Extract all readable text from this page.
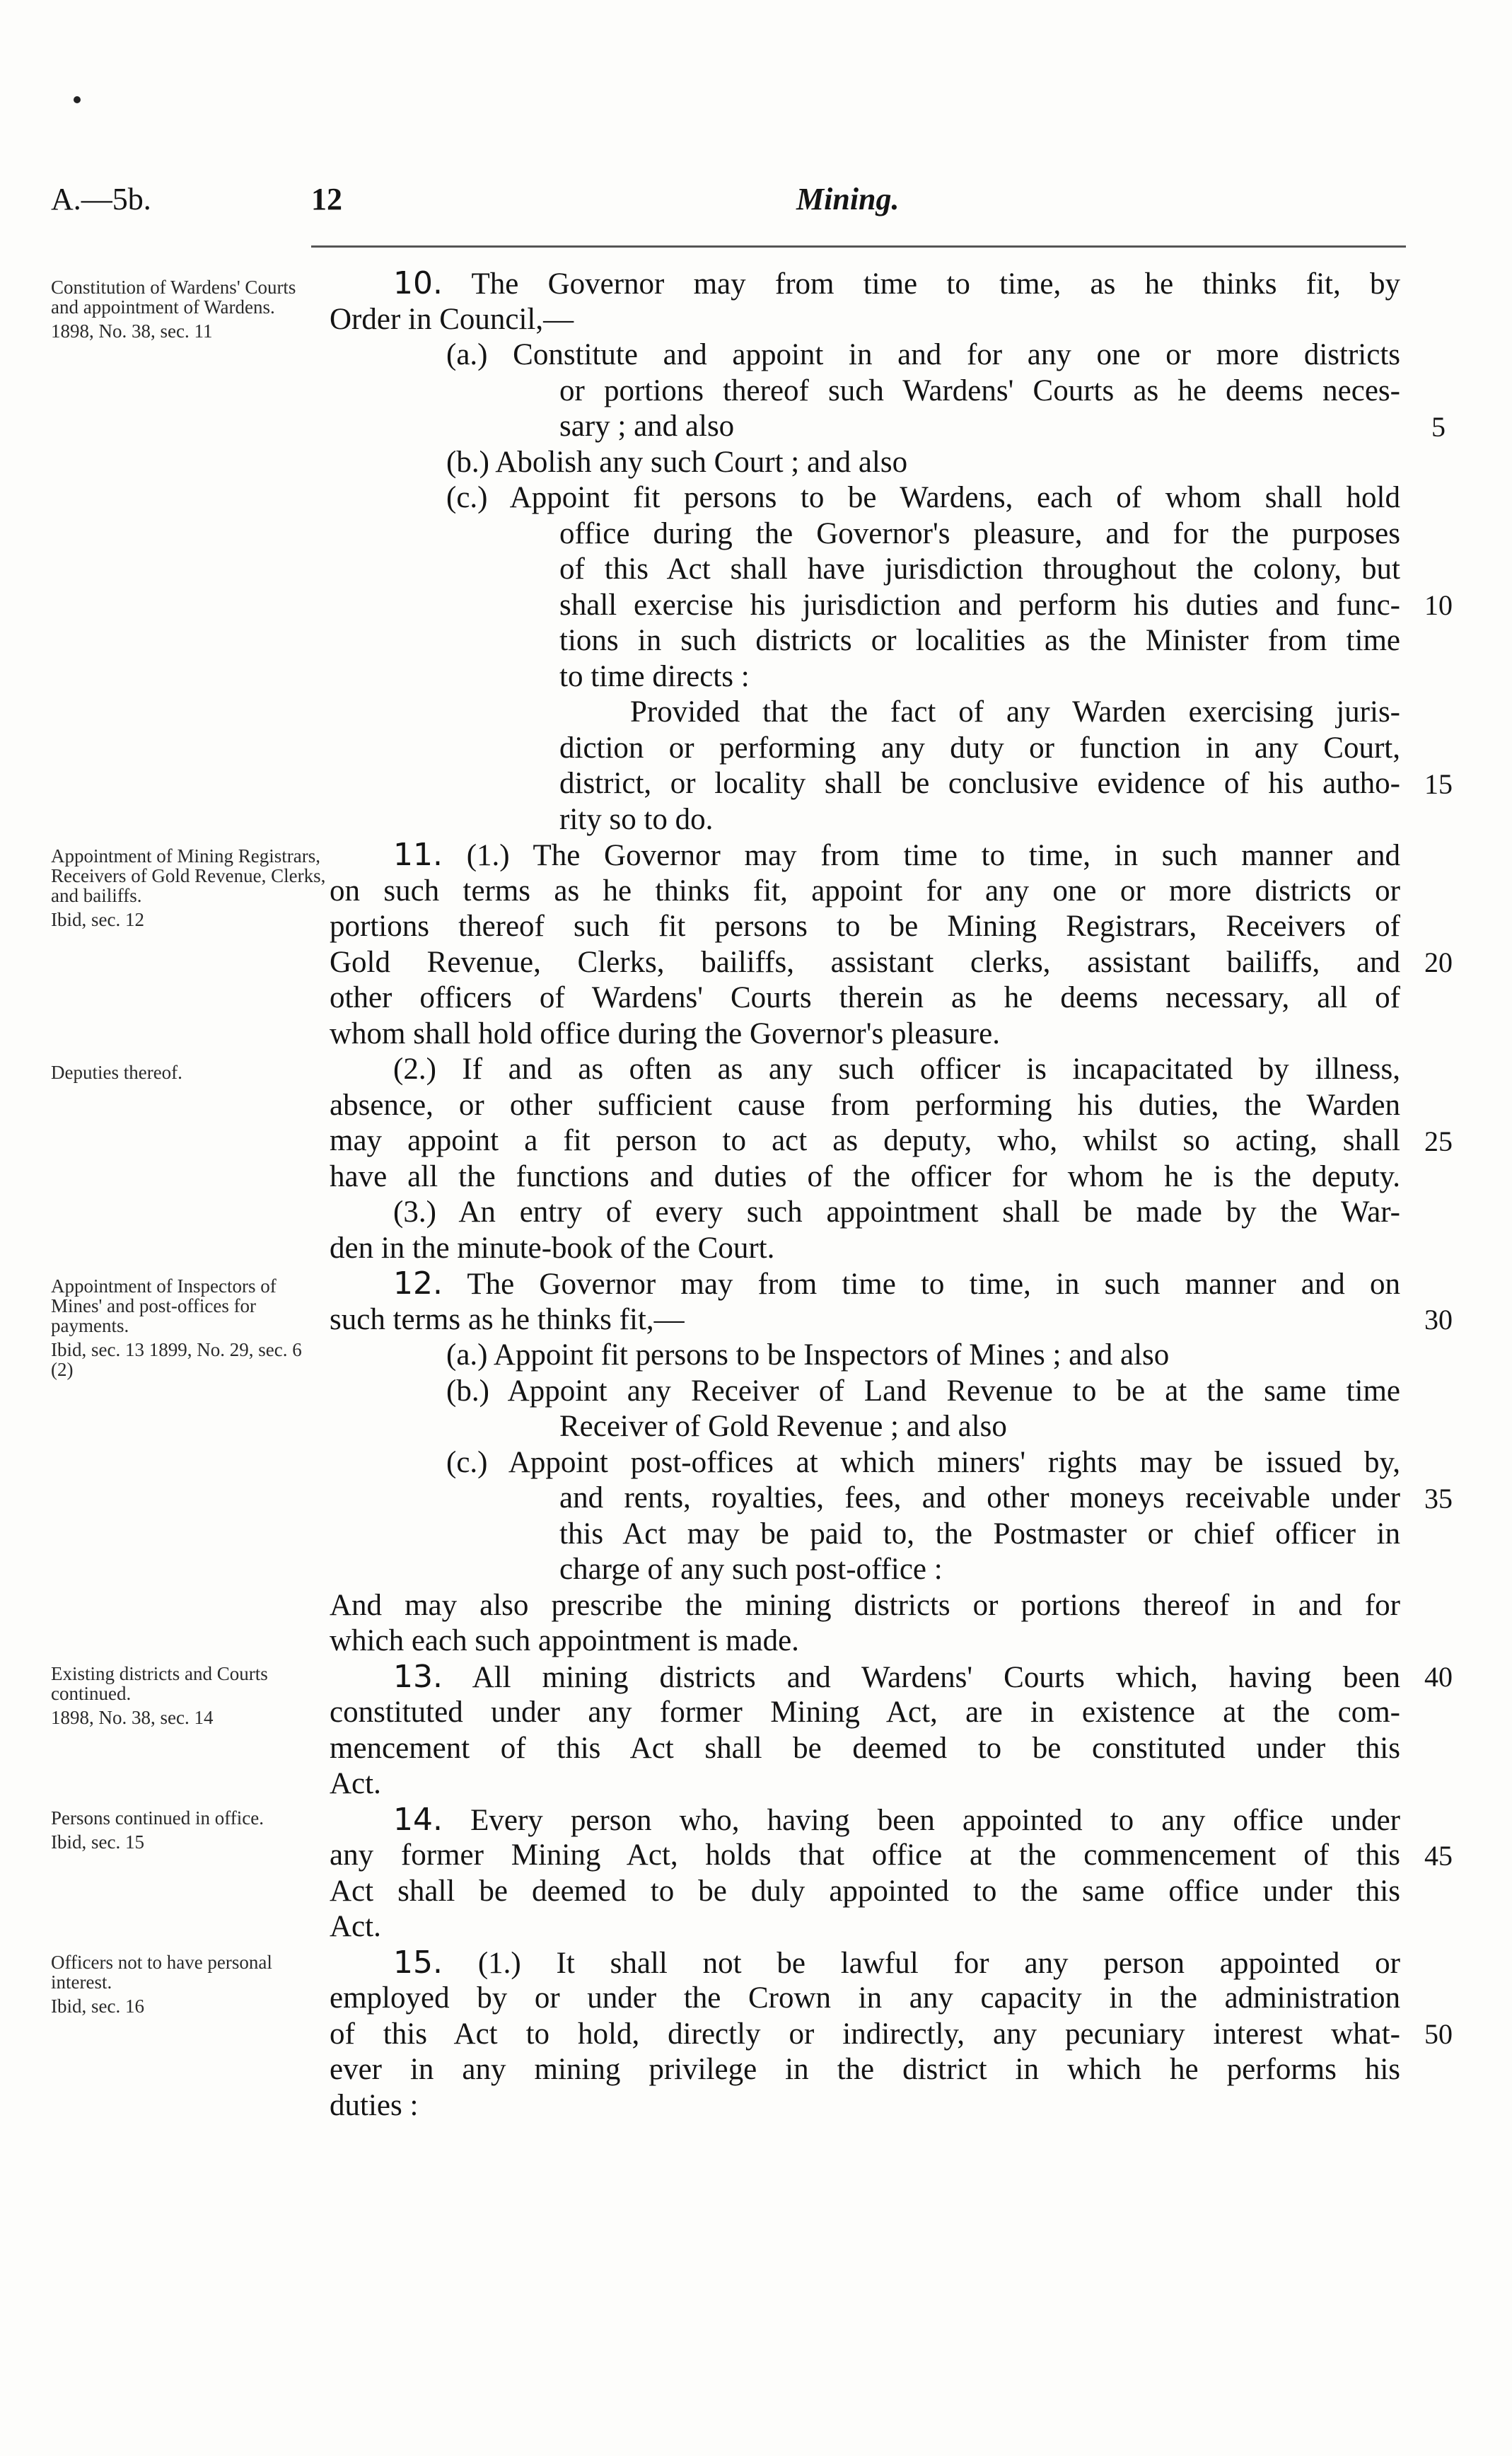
A.—5b.	12	Mining.
Constitution of Wardens' Courts and appointment of Wardens.
1898, No. 38, sec. 11
Appointment of Mining Registrars, Receivers of Gold Revenue, Clerks, and bailiffs.
Ibid, sec. 12
Deputies thereof.
Appointment of Inspectors of Mines' and post-offices for payments.
Ibid, sec. 13 1899, No. 29, sec. 6 (2)
Existing districts and Courts continued.
1898, No. 38, sec. 14
Persons continued in office.
Ibid, sec. 15
Officers not to have personal interest.
Ibid, sec. 16
10. The Governor may from time to time, as he thinks fit, by
Order in Council,—
(a.) Constitute and appoint in and for any one or more districts
or portions thereof such Wardens' Courts as he deems neces-
sary ; and also
(b.) Abolish any such Court ; and also
(c.) Appoint fit persons to be Wardens, each of whom shall hold
office during the Governor's pleasure, and for the purposes
of this Act shall have jurisdiction throughout the colony, but
shall exercise his jurisdiction and perform his duties and func-
tions in such districts or localities as the Minister from time
to time directs :
Provided that the fact of any Warden exercising juris-
diction or performing any duty or function in any Court,
district, or locality shall be conclusive evidence of his autho-
rity so to do.
11. (1.) The Governor may from time to time, in such manner and
on such terms as he thinks fit, appoint for any one or more districts or
portions thereof such fit persons to be Mining Registrars, Receivers of
Gold Revenue, Clerks, bailiffs, assistant clerks, assistant bailiffs, and
other officers of Wardens' Courts therein as he deems necessary, all of
whom shall hold office during the Governor's pleasure.
(2.) If and as often as any such officer is incapacitated by illness,
absence, or other sufficient cause from performing his duties, the Warden
may appoint a fit person to act as deputy, who, whilst so acting, shall
have all the functions and duties of the officer for whom he is the deputy.
(3.) An entry of every such appointment shall be made by the War-
den in the minute-book of the Court.
12. The Governor may from time to time, in such manner and on
such terms as he thinks fit,—
(a.) Appoint fit persons to be Inspectors of Mines ; and also
(b.) Appoint any Receiver of Land Revenue to be at the same time
Receiver of Gold Revenue ; and also
(c.) Appoint post-offices at which miners' rights may be issued by,
and rents, royalties, fees, and other moneys receivable under
this Act may be paid to, the Postmaster or chief officer in
charge of any such post-office :
And may also prescribe the mining districts or portions thereof in and for
which each such appointment is made.
13. All mining districts and Wardens' Courts which, having been
constituted under any former Mining Act, are in existence at the com-
mencement of this Act shall be deemed to be constituted under this
Act.
14. Every person who, having been appointed to any office under
any former Mining Act, holds that office at the commencement of this
Act shall be deemed to be duly appointed to the same office under this
Act.
15. (1.) It shall not be lawful for any person appointed or
employed by or under the Crown in any capacity in the administration
of this Act to hold, directly or indirectly, any pecuniary interest what-
ever in any mining privilege in the district in which he performs his
duties :
5
10
15
20
25
30
35
40
45
50
